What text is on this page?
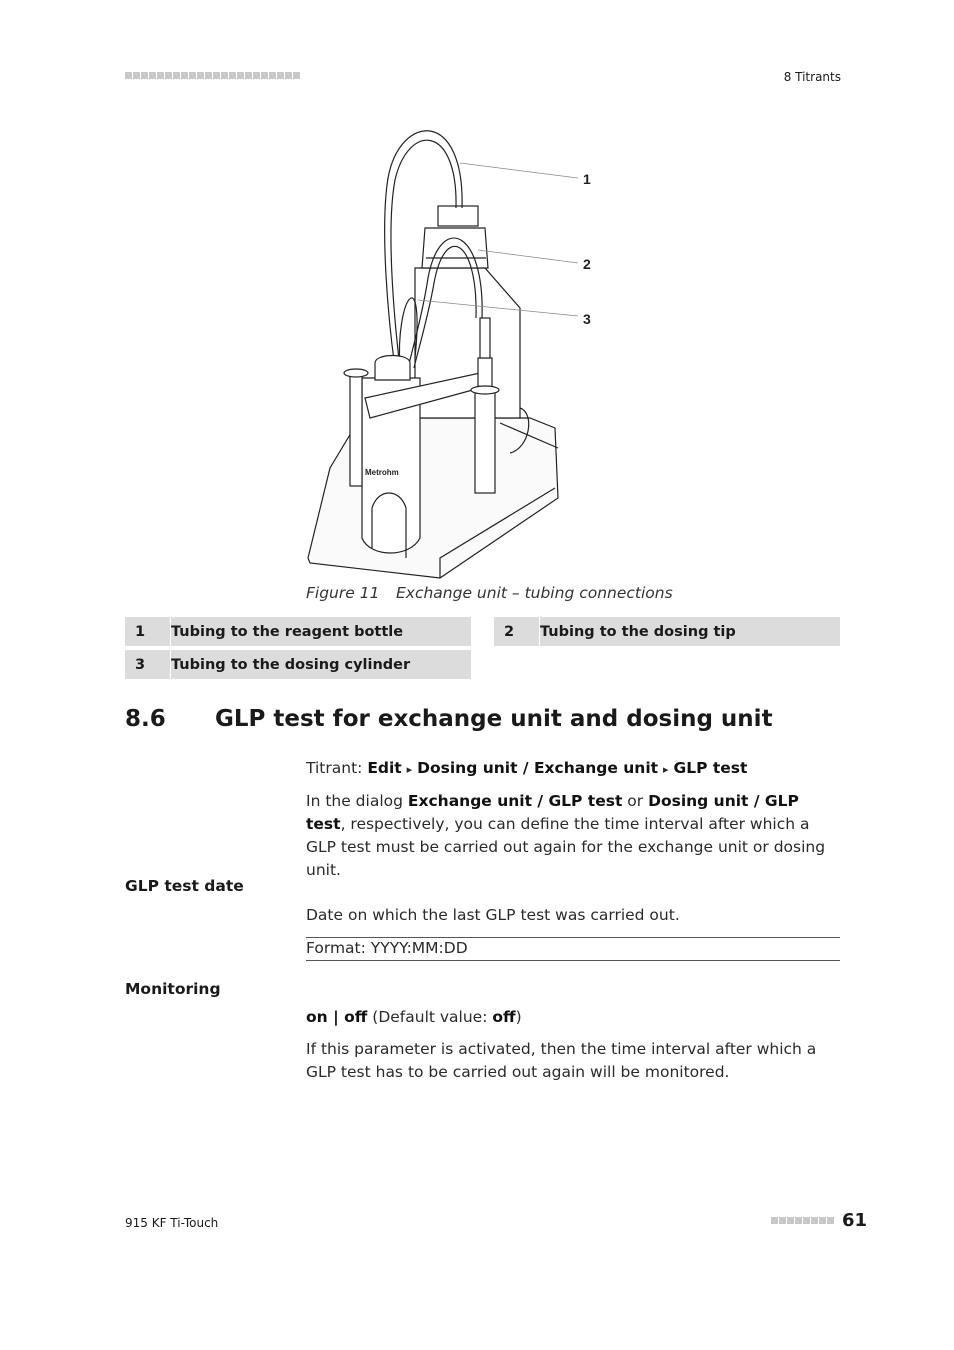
8 Titrants
Metrohm
1
2
3
Figure 11 Exchange unit – tubing connections
1	Tubing to the reagent bottle	2	Tubing to the dosing tip
3	Tubing to the dosing cylinder
8.6	GLP test for exchange unit and dosing unit
Titrant: Edit ▸ Dosing unit / Exchange unit ▸ GLP test
In the dialog Exchange unit / GLP test or Dosing unit / GLP test, respectively, you can define the time interval after which a GLP test must be carried out again for the exchange unit or dosing unit.
GLP test date
Date on which the last GLP test was carried out.
Format: YYYY:MM:DD
Monitoring
on | off (Default value: off)
If this parameter is activated, then the time interval after which a GLP test has to be carried out again will be monitored.
915 KF Ti-Touch	61
